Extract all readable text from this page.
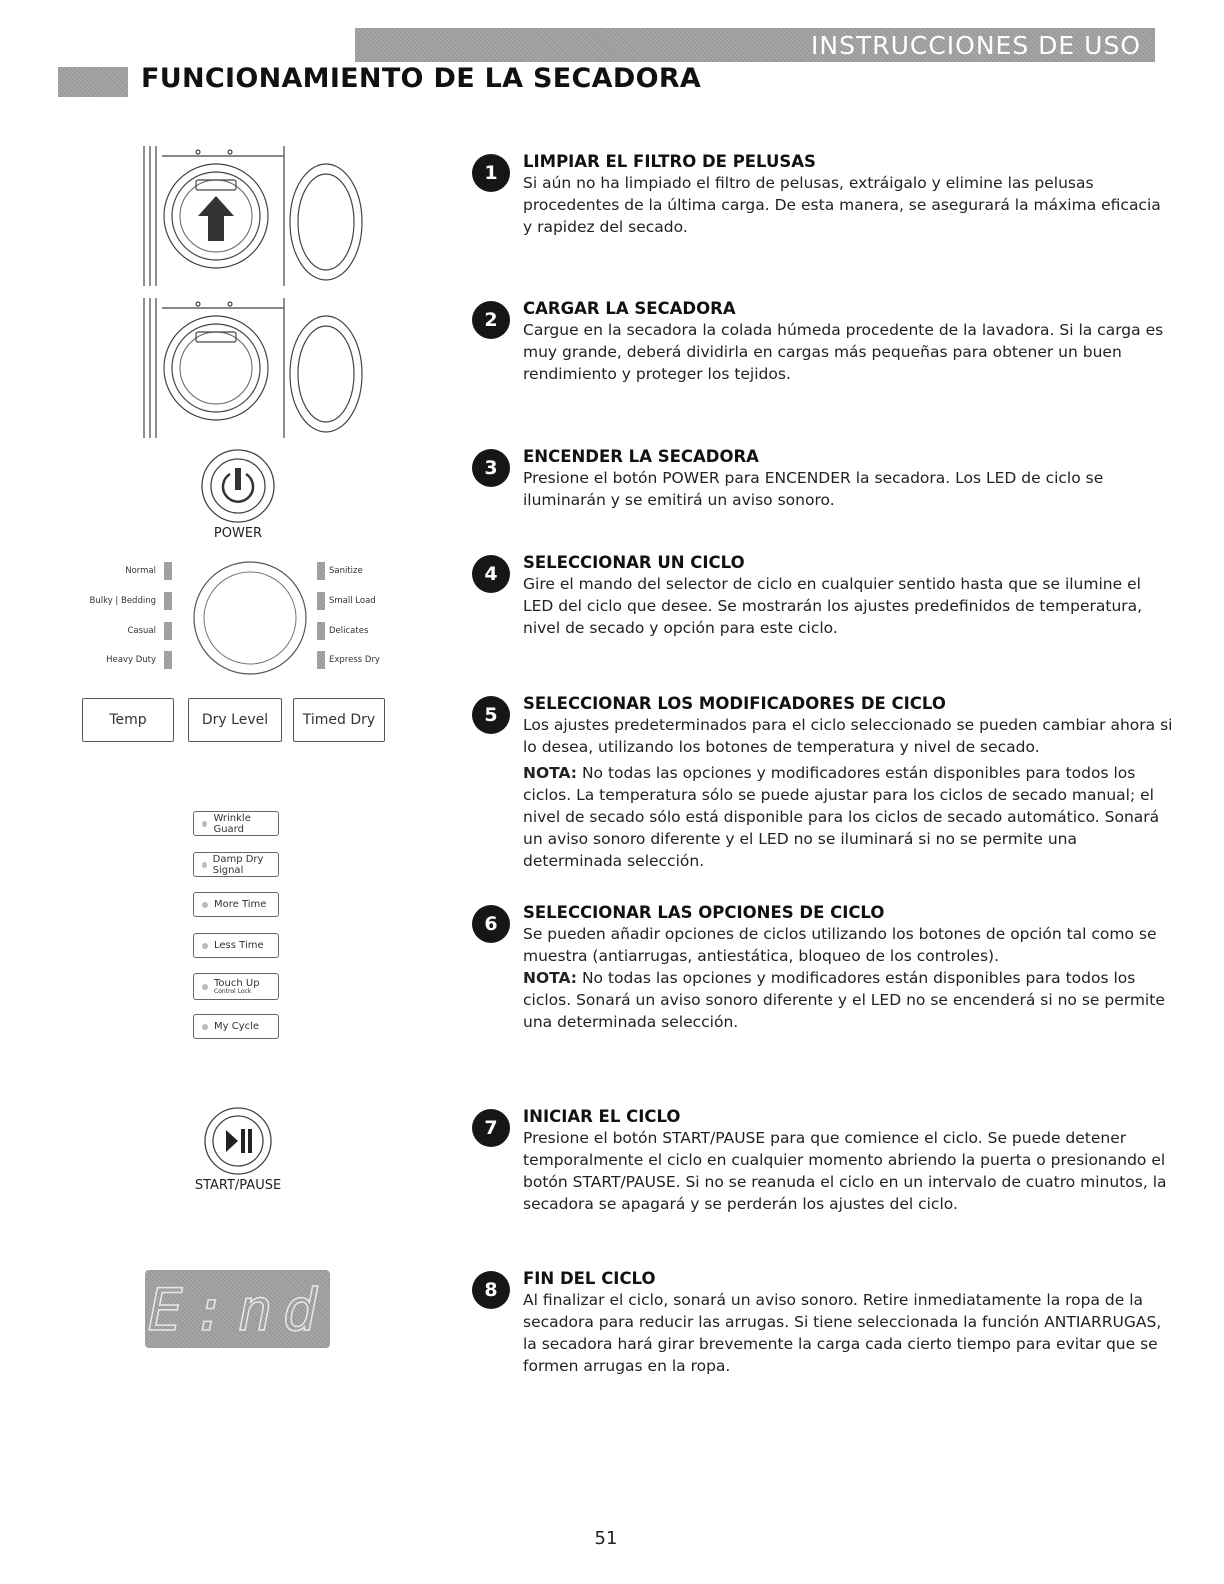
INSTRUCCIONES DE USO
FUNCIONAMIENTO DE LA SECADORA
POWER
Normal
Bulky | Bedding
Casual
Heavy Duty
Sanitize
Small Load
Delicates
Express Dry
Temp	Dry Level	Timed Dry
Wrinkle Guard
Damp Dry Signal
More Time
Less Time
Touch Up
Control Lock
My Cycle
START/PAUSE
E:nd
1
LIMPIAR EL FILTRO DE PELUSAS

Si aún no ha limpiado el filtro de pelusas, extráigalo y elimine las pelusas procedentes de la última carga. De esta manera, se asegurará la máxima eficacia y rapidez del secado.

2
CARGAR LA SECADORA

Cargue en la secadora la colada húmeda procedente de la lavadora. Si la carga es muy grande, deberá dividirla en cargas más pequeñas para obtener un buen rendimiento y proteger los tejidos.

3
ENCENDER LA SECADORA

Presione el botón POWER para ENCENDER la secadora. Los LED de ciclo se iluminarán y se emitirá un aviso sonoro.

4
SELECCIONAR UN CICLO

Gire el mando del selector de ciclo en cualquier sentido hasta que se ilumine el LED del ciclo que desee. Se mostrarán los ajustes predefinidos de temperatura, nivel de secado y opción para este ciclo.

5
SELECCIONAR LOS MODIFICADORES DE CICLO

Los ajustes predeterminados para el ciclo seleccionado se pueden cambiar ahora si lo desea, utilizando los botones de temperatura y nivel de secado.

NOTA: No todas las opciones y modificadores están disponibles para todos los ciclos. La temperatura sólo se puede ajustar para los ciclos de secado manual; el nivel de secado sólo está disponible para los ciclos de secado automático. Sonará un aviso sonoro diferente y el LED no se iluminará si no se permite una determinada selección.

6
SELECCIONAR LAS OPCIONES DE CICLO

Se pueden añadir opciones de ciclos utilizando los botones de opción tal como se muestra (antiarrugas, antiestática, bloqueo de los controles).

NOTA: No todas las opciones y modificadores están disponibles para todos los ciclos. Sonará un aviso sonoro diferente y el LED no se encenderá si no se permite una determinada selección.

7
INICIAR EL CICLO

Presione el botón START/PAUSE para que comience el ciclo. Se puede detener temporalmente el ciclo en cualquier momento abriendo la puerta o presionando el botón START/PAUSE. Si no se reanuda el ciclo en un intervalo de cuatro minutos, la secadora se apagará y se perderán los ajustes del ciclo.

8
FIN DEL CICLO

Al finalizar el ciclo, sonará un aviso sonoro. Retire inmediatamente la ropa de la secadora para reducir las arrugas. Si tiene seleccionada la función ANTIARRUGAS, la secadora hará girar brevemente la carga cada cierto tiempo para evitar que se formen arrugas en la ropa.

51
